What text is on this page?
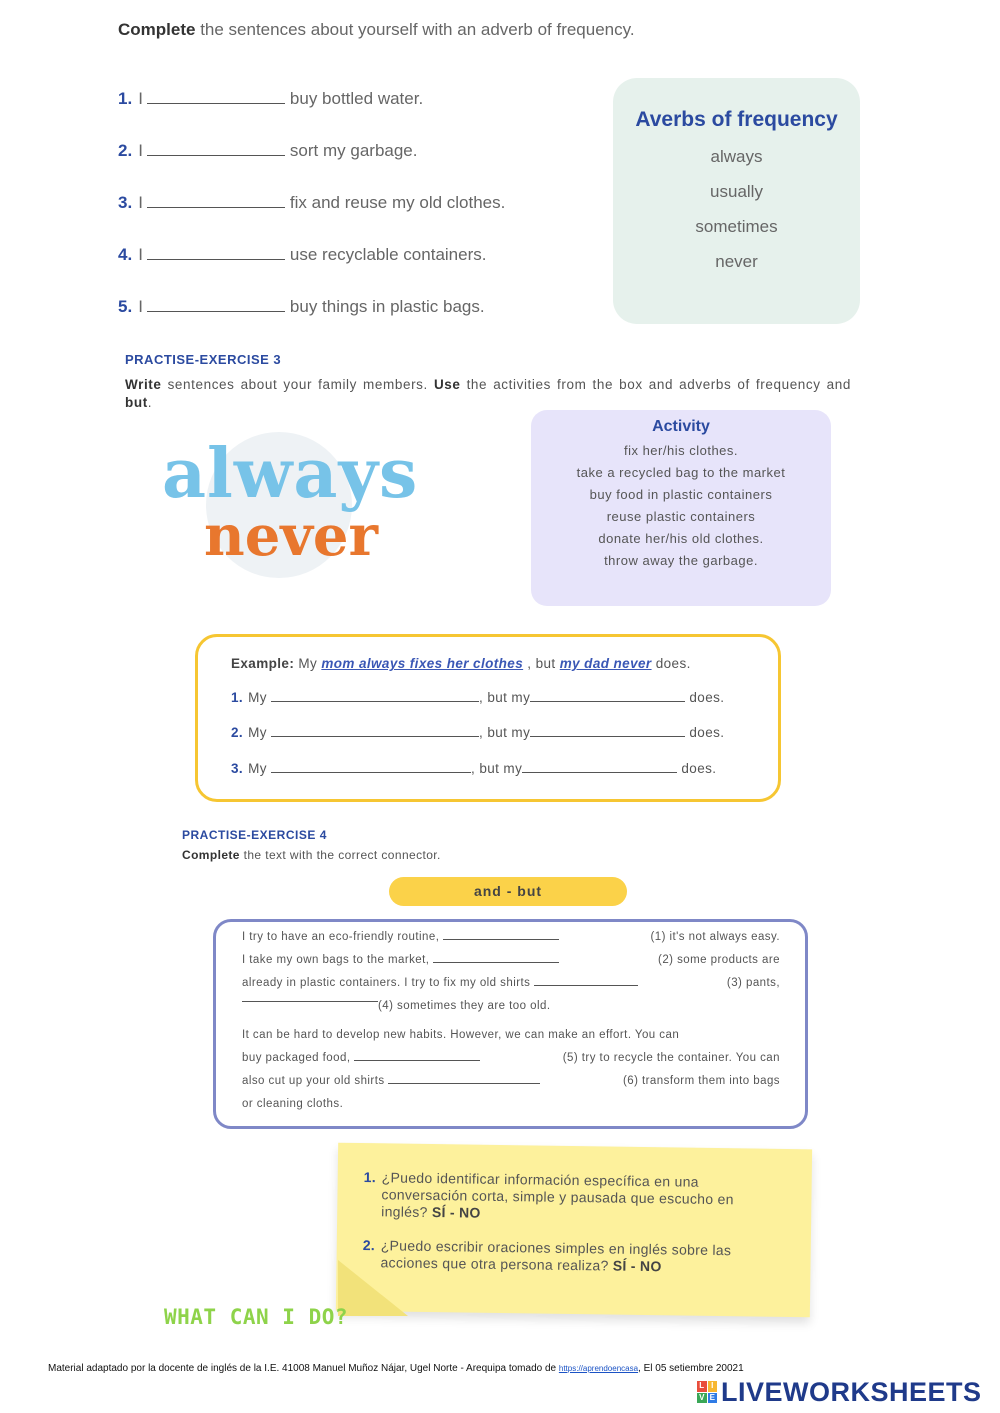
Complete the sentences about yourself with an adverb of frequency.
1. I	buy bottled water.
2. I	sort my garbage.
3. I	fix and reuse my old clothes.
4. I	use recyclable containers.
5. I	buy things in plastic bags.
Averbs of frequency
always
usually
sometimes
never
PRACTISE-EXERCISE 3
Write sentences about your family members. Use the activities from the box and adverbs of frequency and but.
always
never
Activity
fix her/his clothes.
take a recycled bag to the market
buy food in plastic containers
reuse plastic containers
donate her/his old clothes.
throw away the garbage.
Example: My mom always fixes her clothes , but my dad never does.
1. My	, but my	does.
2. My	, but my	does.
3. My	, but my	does.
PRACTISE-EXERCISE 4
Complete the text with the correct connector.
and - but
I try to have an eco-friendly routine,	(1) it's not always easy.
I take my own bags to the market,	(2) some products are
already in plastic containers. I try to fix my old shirts	(3) pants,
(4) sometimes they are too old.
It can be hard to develop new habits. However, we can make an effort. You can
buy packaged food,	(5) try to recycle the container. You can
also cut up your old shirts	(6) transform them into bags
or cleaning cloths.
1. ¿Puedo identificar información específica en una conversación corta, simple y pausada que escucho en inglés? SÍ - NO
2. ¿Puedo escribir oraciones simples en inglés sobre las acciones que otra persona realiza? SÍ - NO
WHAT CAN I DO?
Material adaptado por la docente de inglés de la I.E. 41008 Manuel Muñoz Nájar, Ugel Norte - Arequipa tomado de https://aprendoencasa, El 05 setiembre 20021
L I
V E LIVEWORKSHEETS
